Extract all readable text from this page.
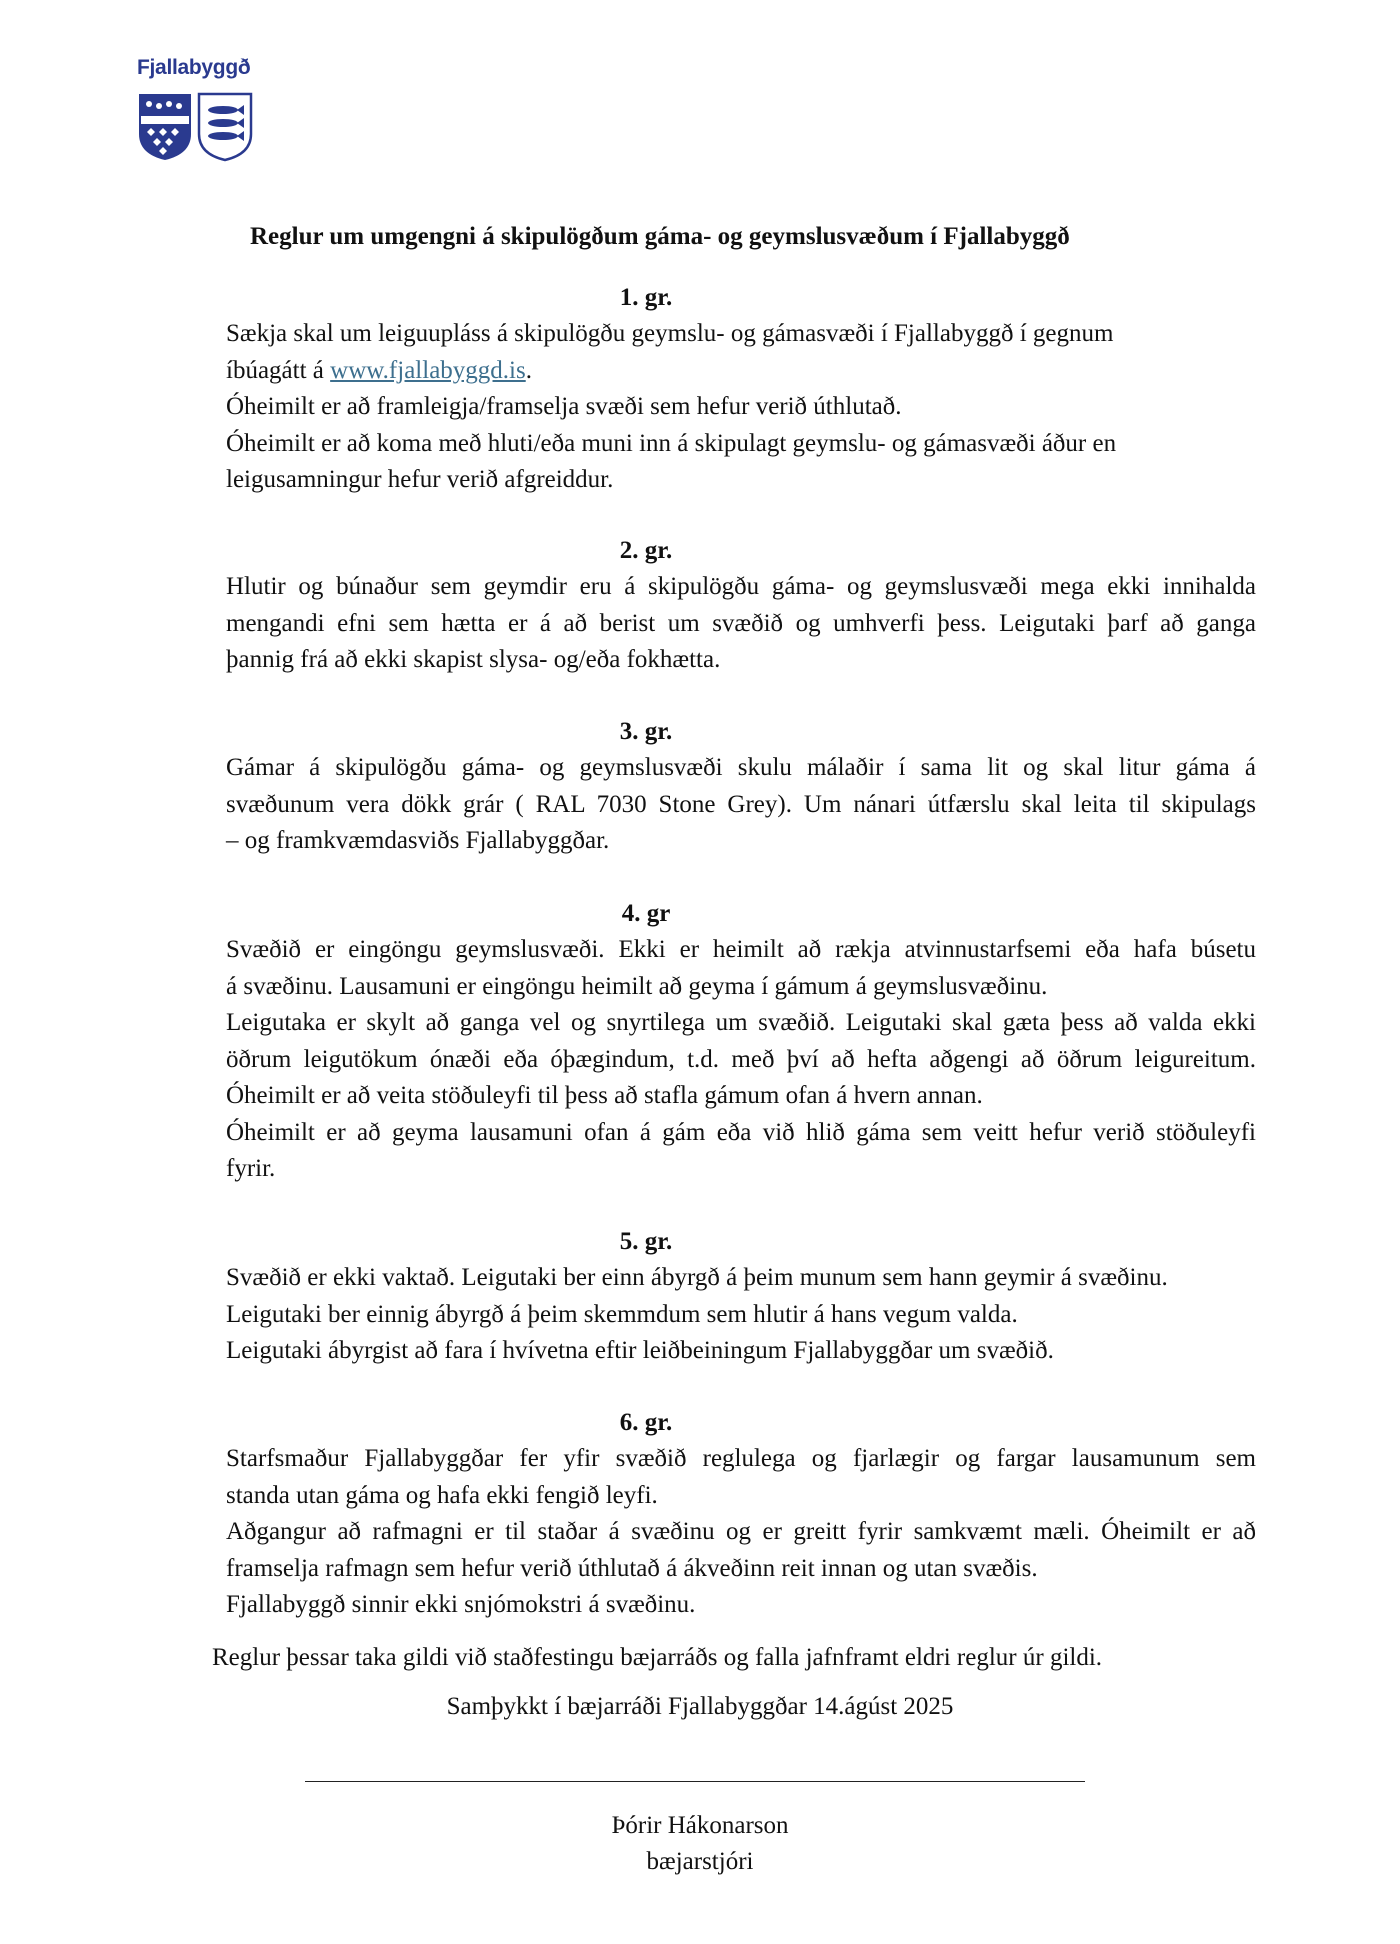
Fjallabyggð
Reglur um umgengni á skipulögðum gáma- og geymslusvæðum í Fjallabyggð
1. gr.
Sækja skal um leiguupláss á skipulögðu geymslu- og gámasvæði í Fjallabyggð í gegnum
íbúagátt á www.fjallabyggd.is.
Óheimilt er að framleigja/framselja svæði sem hefur verið úthlutað.
Óheimilt er að koma með hluti/eða muni inn á skipulagt geymslu- og gámasvæði áður en
leigusamningur hefur verið afgreiddur.
2. gr.
Hlutir og búnaður sem geymdir eru á skipulögðu gáma- og geymslusvæði mega ekki innihalda
mengandi efni sem hætta er á að berist um svæðið og umhverfi þess. Leigutaki þarf að ganga
þannig frá að ekki skapist slysa- og/eða fokhætta.
3. gr.
Gámar á skipulögðu gáma- og geymslusvæði skulu málaðir í sama lit og skal litur gáma á
svæðunum vera dökk grár ( RAL 7030 Stone Grey). Um nánari útfærslu skal leita til skipulags
– og framkvæmdasviðs Fjallabyggðar.
4. gr
Svæðið er eingöngu geymslusvæði. Ekki er heimilt að rækja atvinnustarfsemi eða hafa búsetu
á svæðinu. Lausamuni er eingöngu heimilt að geyma í gámum á geymslusvæðinu.
Leigutaka er skylt að ganga vel og snyrtilega um svæðið. Leigutaki skal gæta þess að valda ekki
öðrum leigutökum ónæði eða óþægindum, t.d. með því að hefta aðgengi að öðrum leigureitum.
Óheimilt er að veita stöðuleyfi til þess að stafla gámum ofan á hvern annan.
Óheimilt er að geyma lausamuni ofan á gám eða við hlið gáma sem veitt hefur verið stöðuleyfi
fyrir.
5. gr.
Svæðið er ekki vaktað. Leigutaki ber einn ábyrgð á þeim munum sem hann geymir á svæðinu.
Leigutaki ber einnig ábyrgð á þeim skemmdum sem hlutir á hans vegum valda.
Leigutaki ábyrgist að fara í hvívetna eftir leiðbeiningum Fjallabyggðar um svæðið.
6. gr.
Starfsmaður Fjallabyggðar fer yfir svæðið reglulega og fjarlægir og fargar lausamunum sem
standa utan gáma og hafa ekki fengið leyfi.
Aðgangur að rafmagni er til staðar á svæðinu og er greitt fyrir samkvæmt mæli. Óheimilt er að
framselja rafmagn sem hefur verið úthlutað á ákveðinn reit innan og utan svæðis.
Fjallabyggð sinnir ekki snjómokstri á svæðinu.
Reglur þessar taka gildi við staðfestingu bæjarráðs og falla jafnframt eldri reglur úr gildi.
Samþykkt í bæjarráði Fjallabyggðar 14.ágúst 2025
Þórir Hákonarson
bæjarstjóri
